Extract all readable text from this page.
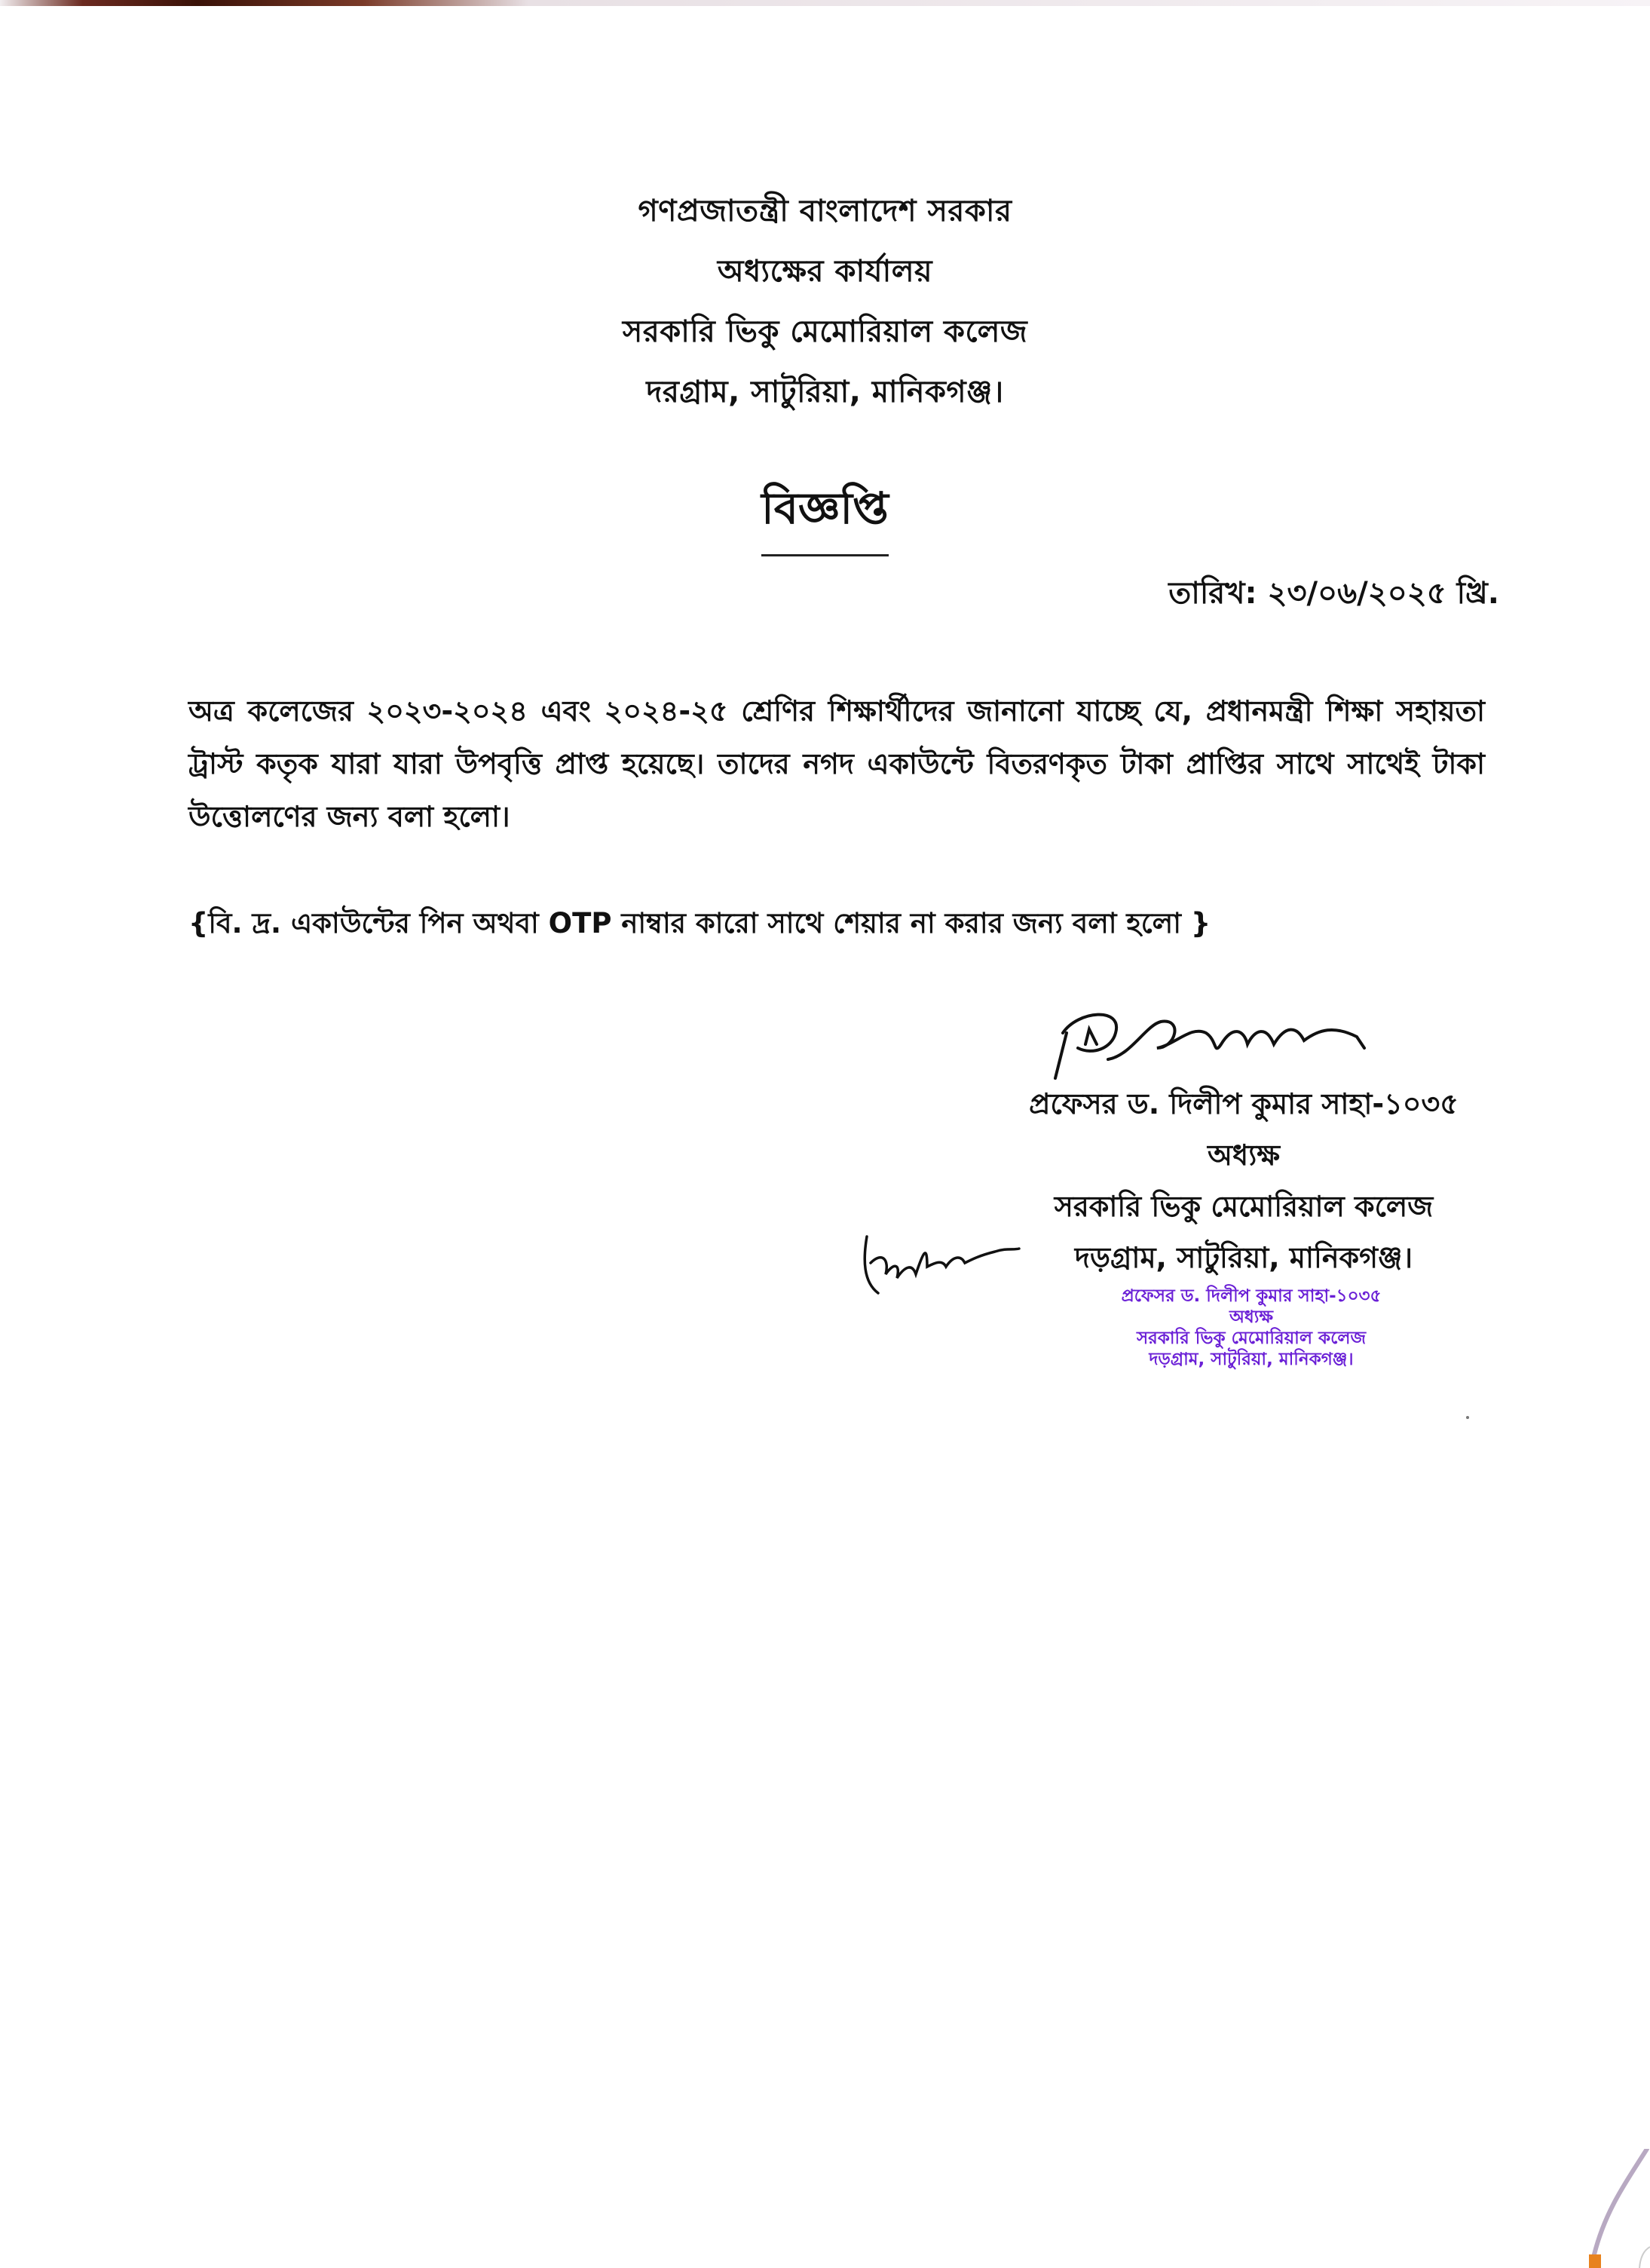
গণপ্রজাতন্ত্রী বাংলাদেশ সরকার
অধ্যক্ষের কার্যালয়
সরকারি ভিকু মেমোরিয়াল কলেজ
দরগ্রাম, সাটুরিয়া, মানিকগঞ্জ।
বিজ্ঞপ্তি
তারিখ: ২৩/০৬/২০২৫ খ্রি.

অত্র কলেজের ২০২৩-২০২৪ এবং ২০২৪-২৫ শ্রেণির শিক্ষার্থীদের জানানো যাচ্ছে যে, প্রধানমন্ত্রী শিক্ষা সহায়তা ট্রাস্ট কতৃক যারা যারা উপবৃত্তি প্রাপ্ত হয়েছে। তাদের নগদ একাউন্টে বিতরণকৃত টাকা প্রাপ্তির সাথে সাথেই টাকা উত্তোলণের জন্য বলা হলো।

{বি. দ্র. একাউন্টের পিন অথবা OTP নাম্বার কারো সাথে শেয়ার না করার জন্য বলা হলো }
প্রফেসর ড. দিলীপ কুমার সাহা-১০৩৫
অধ্যক্ষ
সরকারি ভিকু মেমোরিয়াল কলেজ
দড়গ্রাম, সাটুরিয়া, মানিকগঞ্জ।
প্রফেসর ড. দিলীপ কুমার সাহা-১০৩৫
অধ্যক্ষ
সরকারি ভিকু মেমোরিয়াল কলেজ
দড়গ্রাম, সাটুরিয়া, মানিকগঞ্জ।
